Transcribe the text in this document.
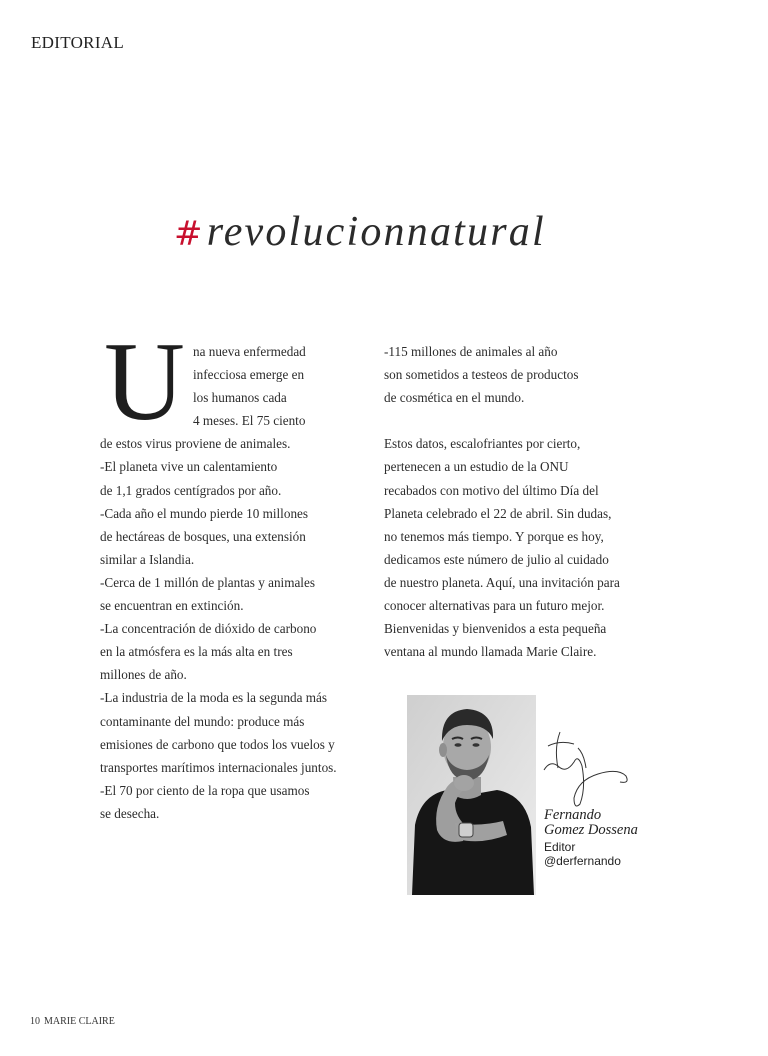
EDITORIAL
#revolucionnatural
U na nueva enfermedad
infecciosa emerge en
los humanos cada
4 meses. El 75 ciento
de estos virus proviene de animales.
-El planeta vive un calentamiento
de 1,1 grados centígrados por año.
-Cada año el mundo pierde 10 millones
de hectáreas de bosques, una extensión
similar a Islandia.
-Cerca de 1 millón de plantas y animales
se encuentran en extinción.
-La concentración de dióxido de carbono
en la atmósfera es la más alta en tres
millones de año.
-La industria de la moda es la segunda más
contaminante del mundo: produce más
emisiones de carbono que todos los vuelos y
transportes marítimos internacionales juntos.
-El 70 por ciento de la ropa que usamos
se desecha.
-115 millones de animales al año
son sometidos a testeos de productos
de cosmética en el mundo.
Estos datos, escalofriantes por cierto,
pertenecen a un estudio de la ONU
recabados con motivo del último Día del
Planeta celebrado el 22 de abril. Sin dudas,
no tenemos más tiempo. Y porque es hoy,
dedicamos este número de julio al cuidado
de nuestro planeta. Aquí, una invitación para
conocer alternativas para un futuro mejor.
Bienvenidas y bienvenidos a esta pequeña
ventana al mundo llamada Marie Claire.
Fernando
Gomez Dossena
Editor
@derfernando
10 MARIE CLAIRE
